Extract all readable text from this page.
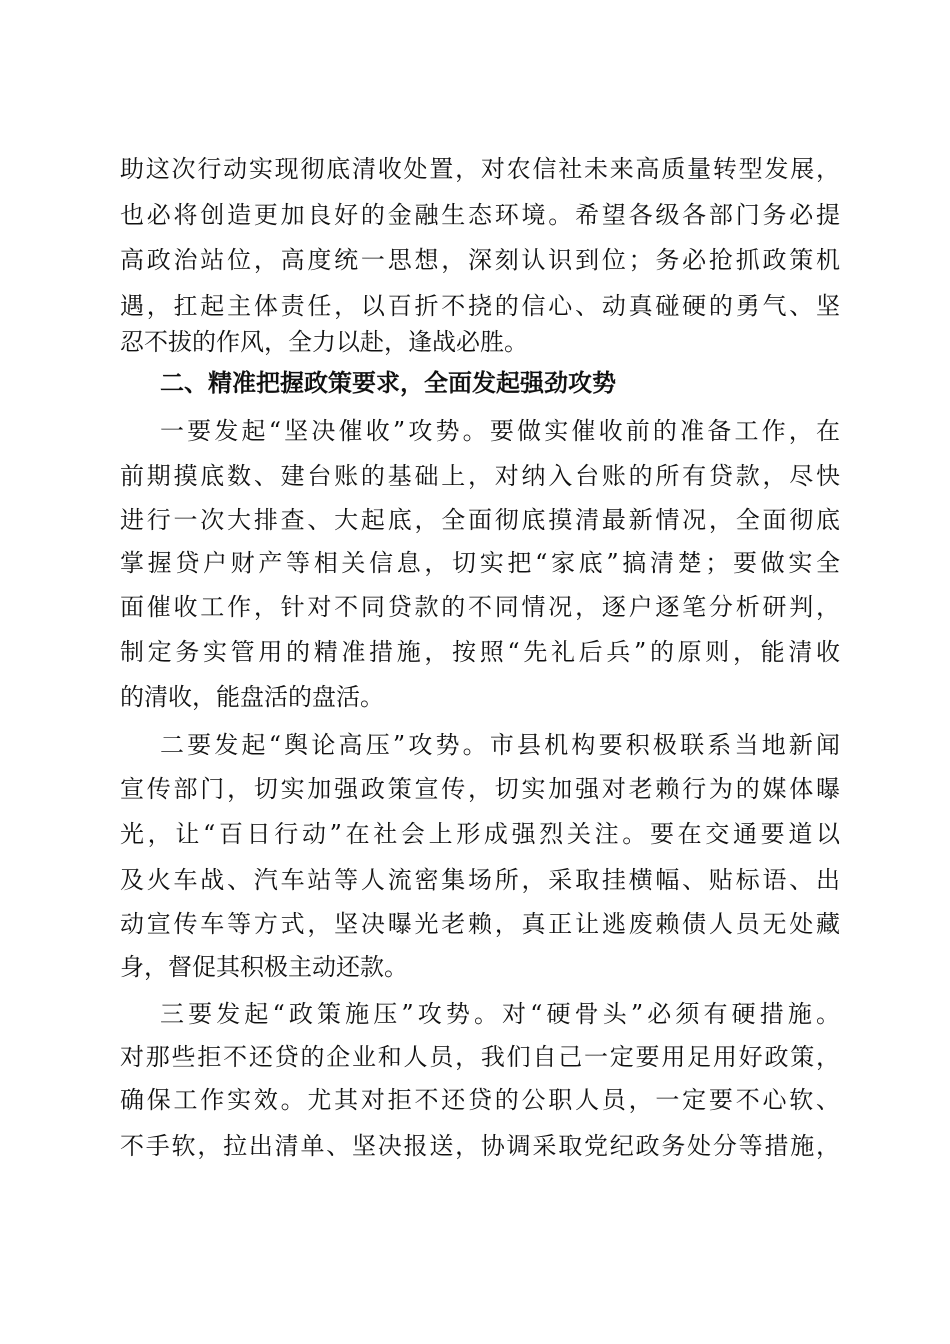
助这次行动实现彻底清收处置，对农信社未来高质量转型发展，
也必将创造更加良好的金融生态环境。希望各级各部门务必提
高政治站位，高度统一思想，深刻认识到位；务必抢抓政策机
遇，扛起主体责任，以百折不挠的信心、动真碰硬的勇气、坚
忍不拔的作风，全力以赴，逢战必胜。
二、精准把握政策要求，全面发起强劲攻势
一要发起“坚决催收”攻势。要做实催收前的准备工作，在
前期摸底数、建台账的基础上，对纳入台账的所有贷款，尽快
进行一次大排查、大起底，全面彻底摸清最新情况，全面彻底
掌握贷户财产等相关信息，切实把“家底”搞清楚；要做实全
面催收工作，针对不同贷款的不同情况，逐户逐笔分析研判，
制定务实管用的精准措施，按照“先礼后兵”的原则，能清收
的清收，能盘活的盘活。
二要发起“舆论高压”攻势。市县机构要积极联系当地新闻
宣传部门，切实加强政策宣传，切实加强对老赖行为的媒体曝
光，让“百日行动”在社会上形成强烈关注。要在交通要道以
及火车战、汽车站等人流密集场所，采取挂横幅、贴标语、出
动宣传车等方式，坚决曝光老赖，真正让逃废赖债人员无处藏
身，督促其积极主动还款。
三要发起“政策施压”攻势。对“硬骨头”必须有硬措施。
对那些拒不还贷的企业和人员，我们自己一定要用足用好政策，
确保工作实效。尤其对拒不还贷的公职人员，一定要不心软、
不手软，拉出清单、坚决报送，协调采取党纪政务处分等措施，
